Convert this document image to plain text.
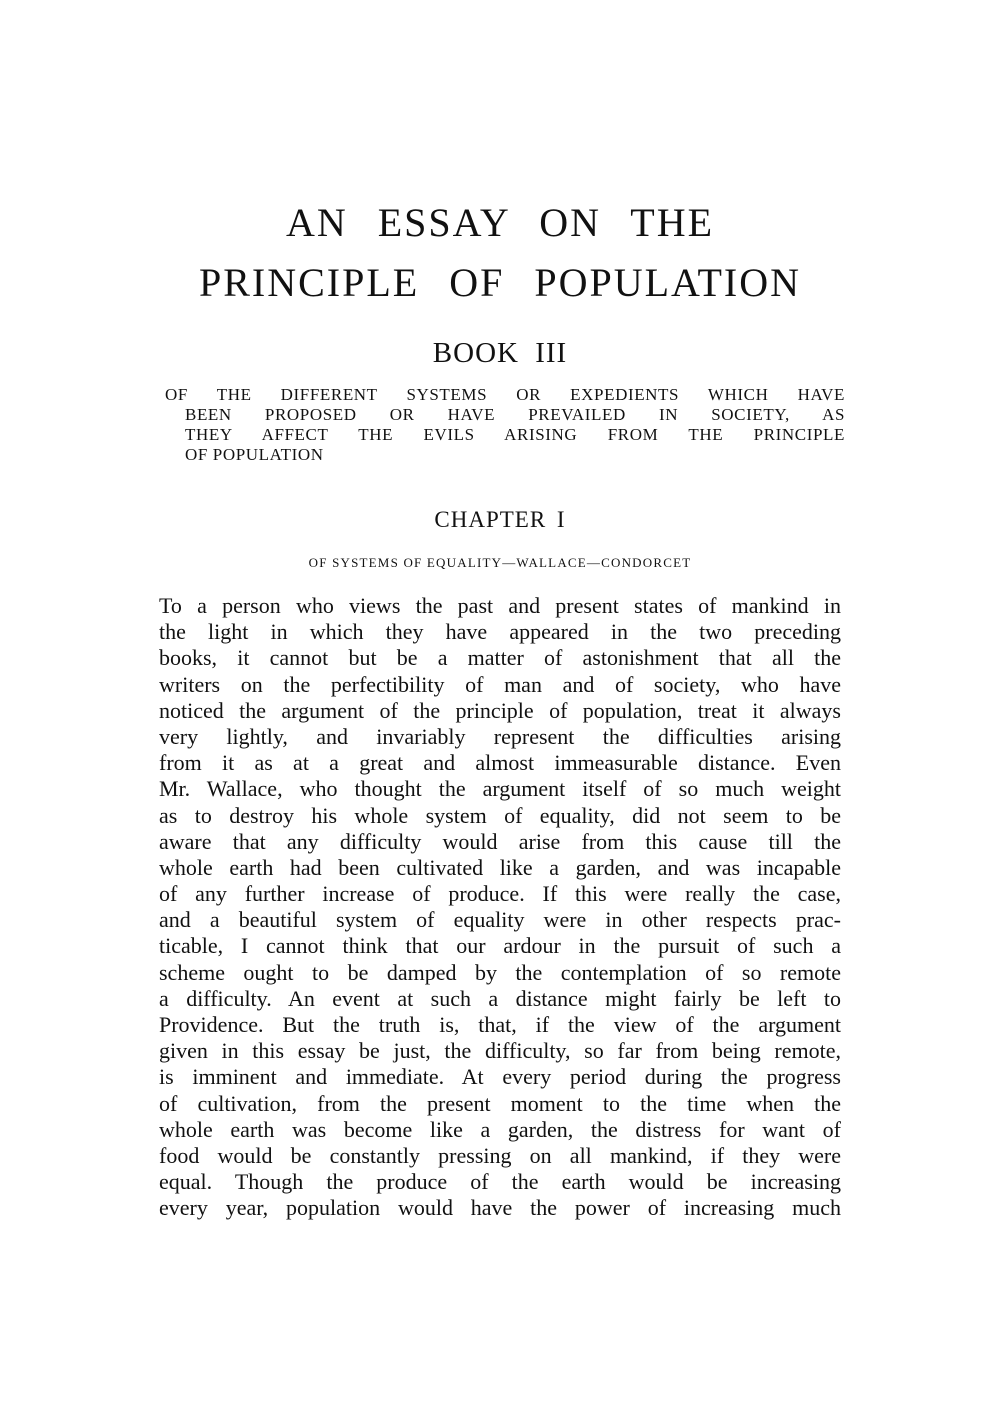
AN ESSAY ON THE
PRINCIPLE OF POPULATION
BOOK III
OF THE DIFFERENT SYSTEMS OR EXPEDIENTS WHICH HAVE
BEEN PROPOSED OR HAVE PREVAILED IN SOCIETY, AS
THEY AFFECT THE EVILS ARISING FROM THE PRINCIPLE
OF POPULATION
CHAPTER I
OF SYSTEMS OF EQUALITY—WALLACE—CONDORCET
To a person who views the past and present states of mankind in
the light in which they have appeared in the two preceding
books, it cannot but be a matter of astonishment that all the
writers on the perfectibility of man and of society, who have
noticed the argument of the principle of population, treat it always
very lightly, and invariably represent the difficulties arising
from it as at a great and almost immeasurable distance. Even
Mr. Wallace, who thought the argument itself of so much weight
as to destroy his whole system of equality, did not seem to be
aware that any difficulty would arise from this cause till the
whole earth had been cultivated like a garden, and was incapable
of any further increase of produce. If this were really the case,
and a beautiful system of equality were in other respects prac-
ticable, I cannot think that our ardour in the pursuit of such a
scheme ought to be damped by the contemplation of so remote
a difficulty. An event at such a distance might fairly be left to
Providence. But the truth is, that, if the view of the argument
given in this essay be just, the difficulty, so far from being remote,
is imminent and immediate. At every period during the progress
of cultivation, from the present moment to the time when the
whole earth was become like a garden, the distress for want of
food would be constantly pressing on all mankind, if they were
equal. Though the produce of the earth would be increasing
every year, population would have the power of increasing much
